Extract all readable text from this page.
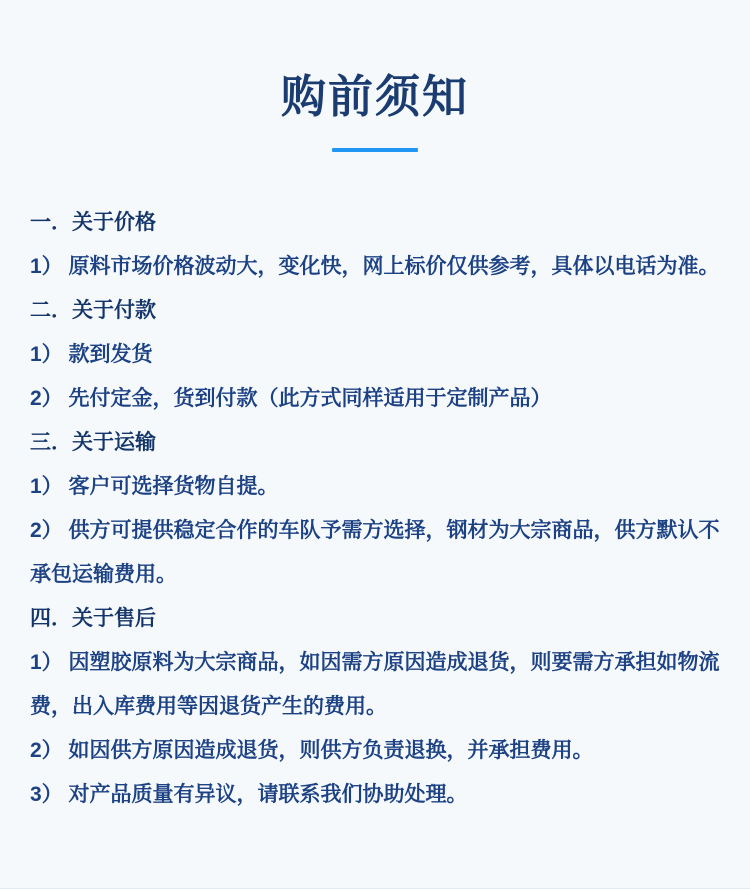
购前须知
一．关于价格
1） 原料市场价格波动大，变化快，网上标价仅供参考，具体以电话为准。
二．关于付款
1） 款到发货
2） 先付定金，货到付款（此方式同样适用于定制产品）
三．关于运输
1） 客户可选择货物自提。
2） 供方可提供稳定合作的车队予需方选择，钢材为大宗商品，供方默认不
承包运输费用。
四．关于售后
1） 因塑胶原料为大宗商品，如因需方原因造成退货，则要需方承担如物流
费，出入库费用等因退货产生的费用。
2） 如因供方原因造成退货，则供方负责退换，并承担费用。
3） 对产品质量有异议，请联系我们协助处理。
